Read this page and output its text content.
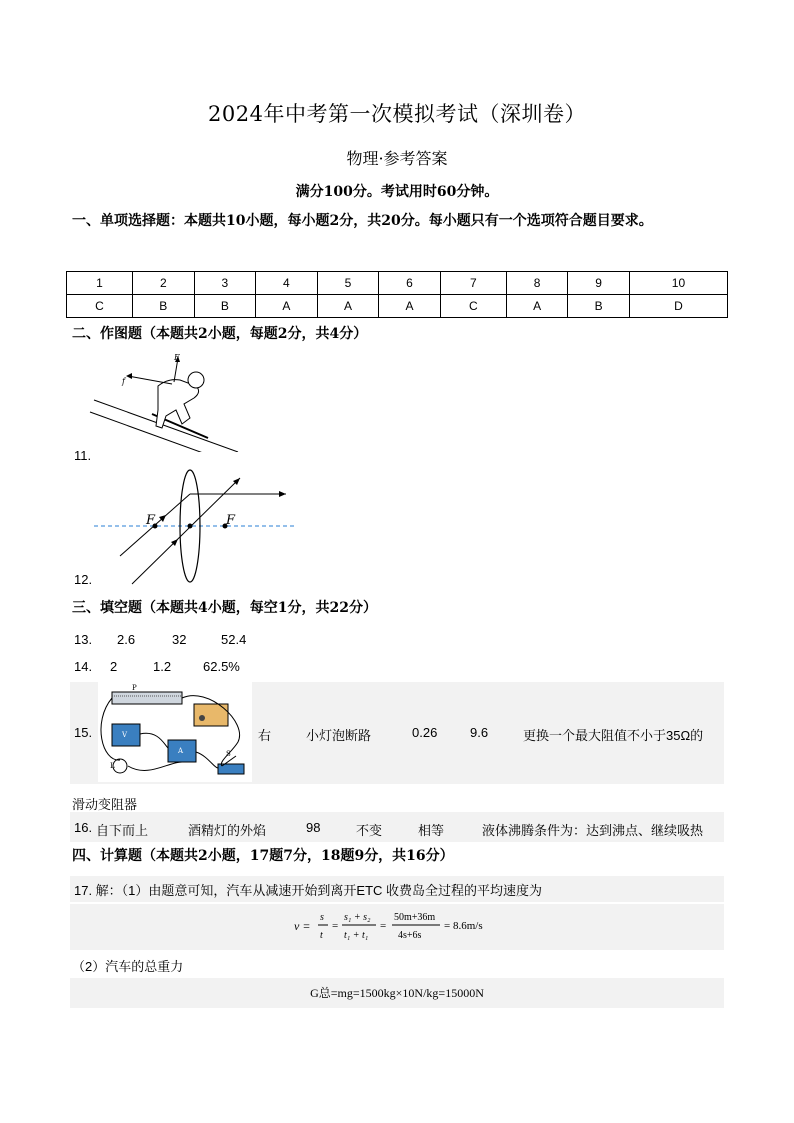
2024年中考第一次模拟考试（深圳卷）
物理·参考答案
满分100分。考试用时60分钟。
一、单项选择题：本题共10小题，每小题2分，共20分。每小题只有一个选项符合题目要求。
1	2	3	4	5	6	7	8	9	10
C	B	B	A	A	A	C	A	B	D
二、作图题（本题共2小题，每题2分，共4分）
F
f
11.
F	F
12.
三、填空题（本题共4小题，每空1分，共22分）
13. 2.6	32	52.4
14. 2	1.2 62.5%
15.	右	小灯泡断路	0.26	9.6	更换一个最大阻值不小于35Ω的
P
V
A
L
S
滑动变阻器
16. 自下而上	酒精灯的外焰	98	不变	相等	液体沸腾条件为：达到沸点、继续吸热
四、计算题（本题共2小题，17题7分，18题9分，共16分）
17. 解：（1）由题意可知，汽车从减速开始到离开ETC 收费岛全过程的平均速度为
v =
s
t
=
s₁ + s₂
t₁ + t₁
=
50m+36m
4s+6s
= 8.6m/s
（2）汽车的总重力
G总=mg=1500kg×10N/kg=15000N
